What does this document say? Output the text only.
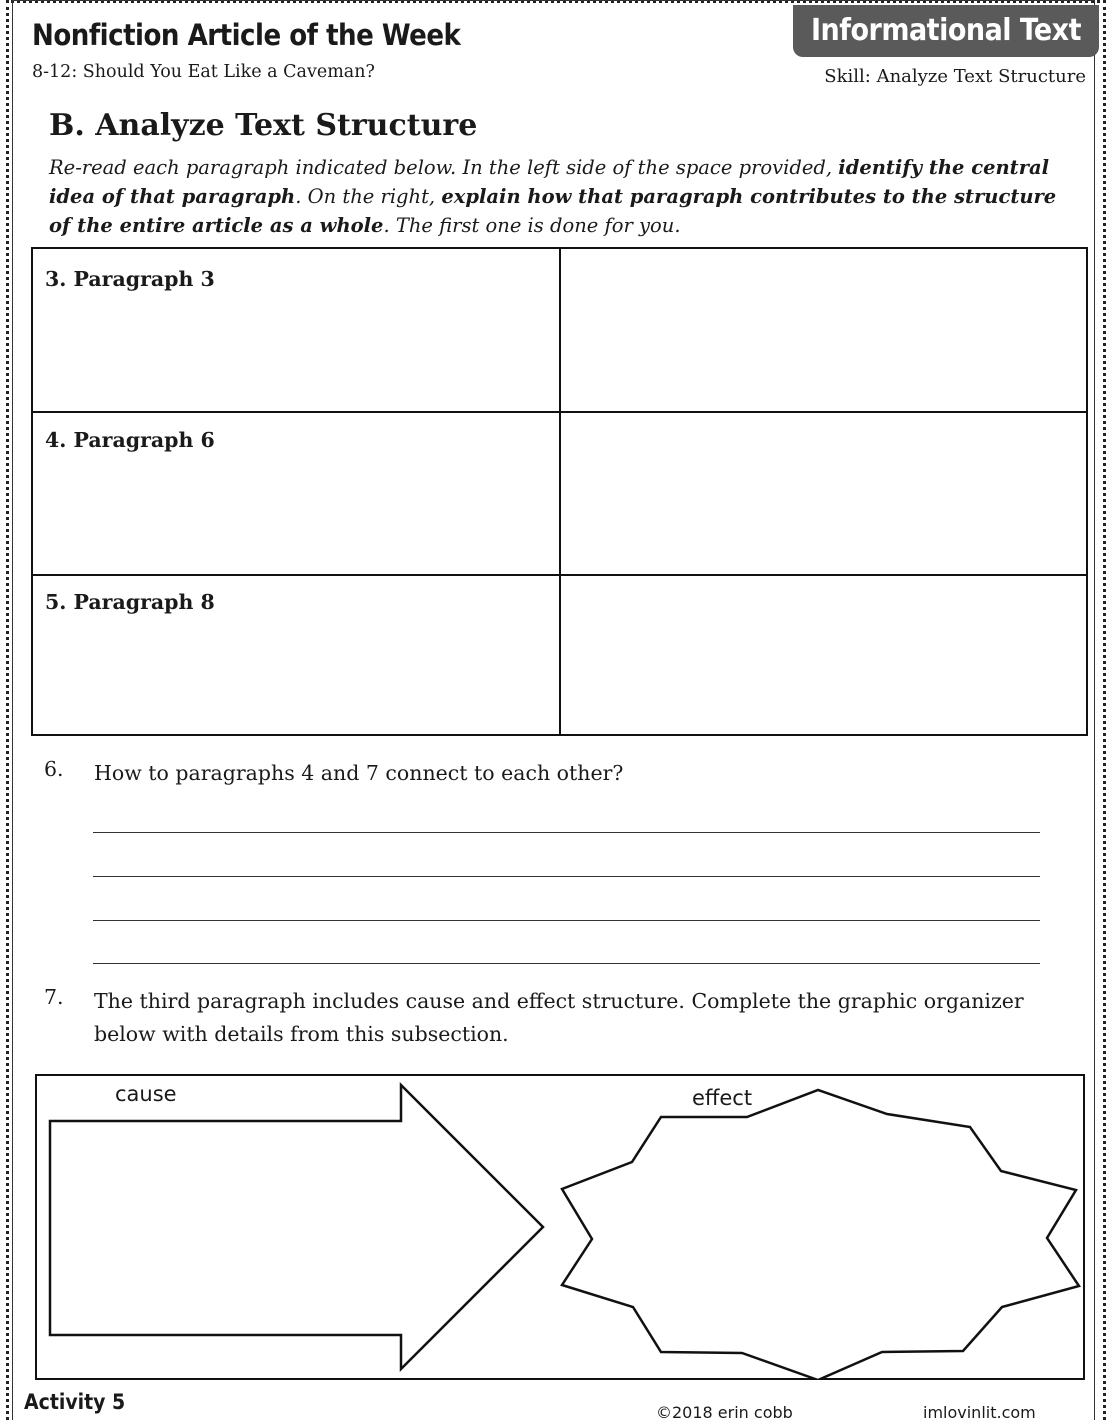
Nonfiction Article of the Week
8-12: Should You Eat Like a Caveman?
Informational Text
Skill: Analyze Text Structure
B. Analyze Text Structure
Re-read each paragraph indicated below. In the left side of the space provided, identify the central idea of that paragraph. On the right, explain how that paragraph contributes to the structure of the entire article as a whole. The first one is done for you.
3. Paragraph 3
4. Paragraph 6
5. Paragraph 8
6. How to paragraphs 4 and 7 connect to each other?
7. The third paragraph includes cause and effect structure. Complete the graphic organizer below with details from this subsection.
cause	effect
Activity 5	©2018 erin cobb	imlovinlit.com
